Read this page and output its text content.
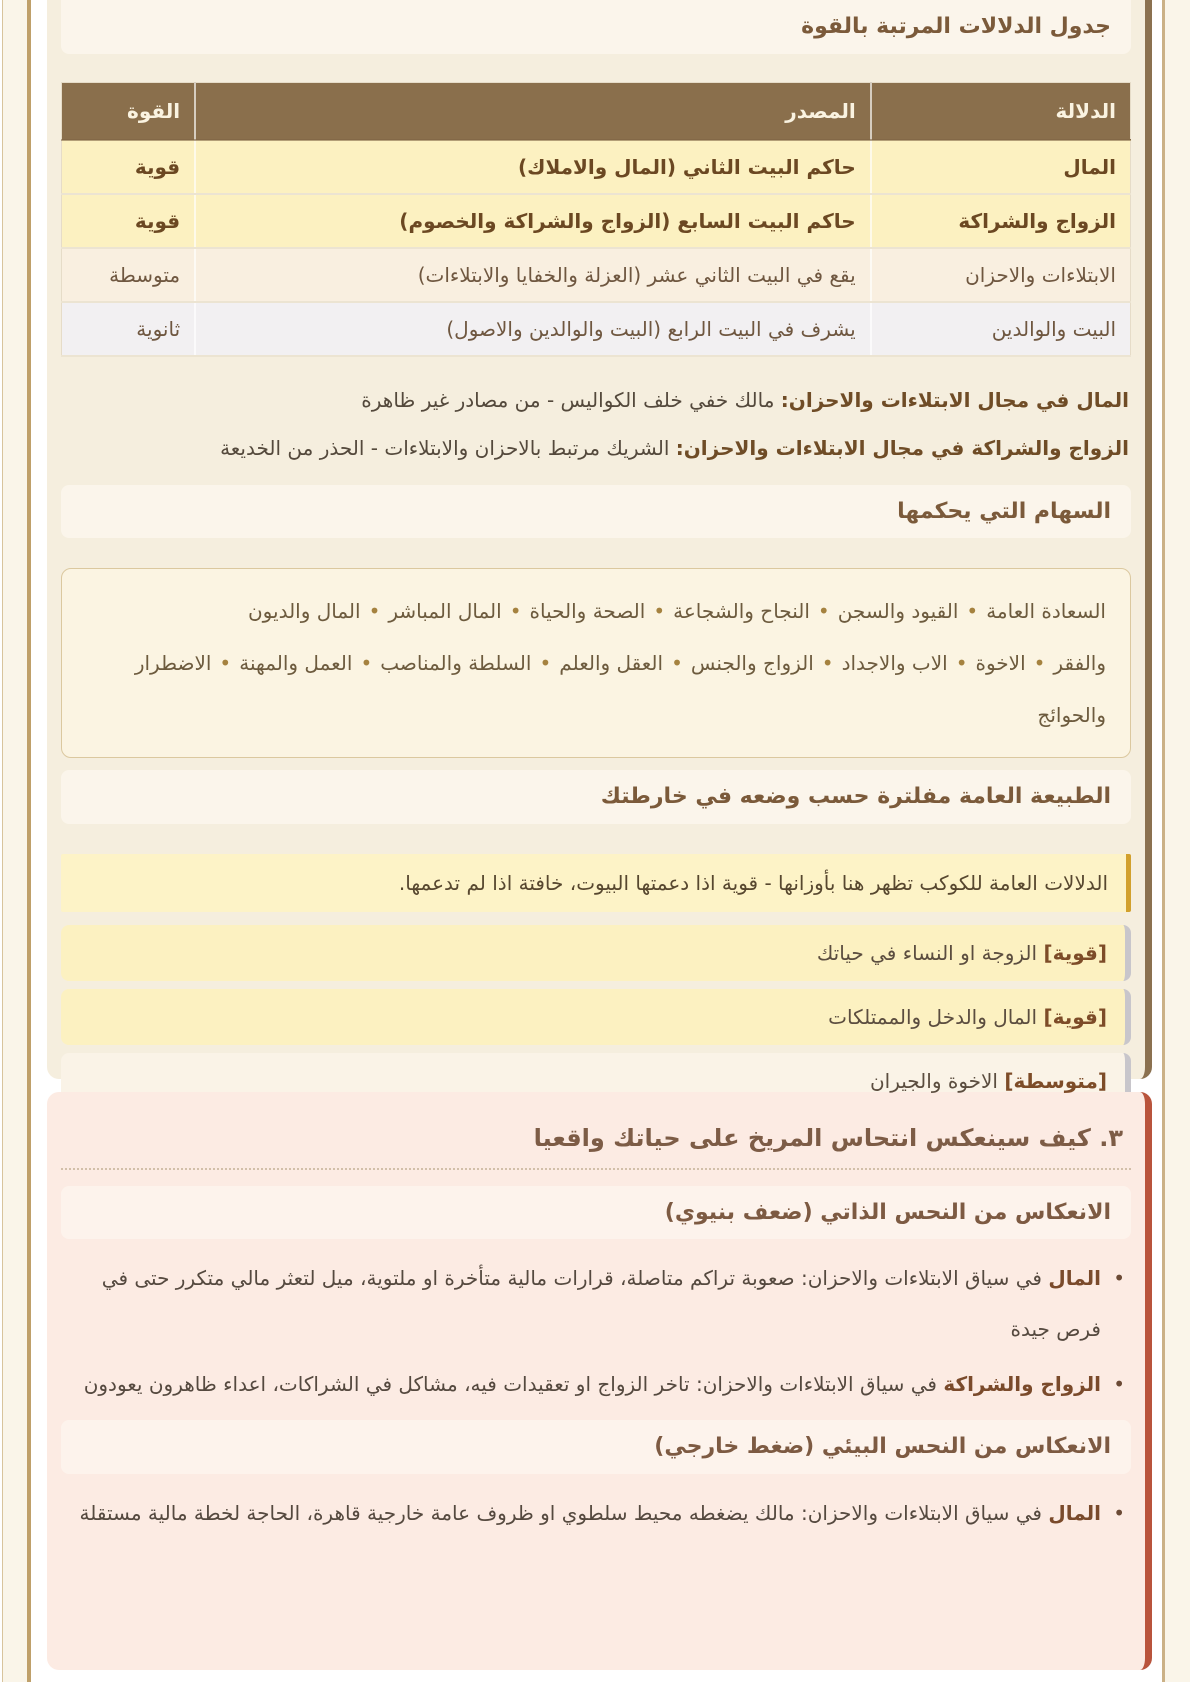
جدول الدلالات المرتبة بالقوة
الدلالة	المصدر	القوة
المال	حاكم البيت الثاني (المال والاملاك)	قوية
الزواج والشراكة	حاكم البيت السابع (الزواج والشراكة والخصوم)	قوية
الابتلاءات والاحزان	يقع في البيت الثاني عشر (العزلة والخفايا والابتلاءات)	متوسطة
البيت والوالدين	يشرف في البيت الرابع (البيت والوالدين والاصول)	ثانوية

المال في مجال الابتلاءات والاحزان: مالك خفي خلف الكواليس - من مصادر غير ظاهرة

الزواج والشراكة في مجال الابتلاءات والاحزان: الشريك مرتبط بالاحزان والابتلاءات - الحذر من الخديعة

السهام التي يحكمها
السعادة العامة•القيود والسجن•النجاح والشجاعة•الصحة والحياة•المال المباشر•المال والديون والفقر•الاخوة•الاب والاجداد•الزواج والجنس•العقل والعلم•السلطة والمناصب•العمل والمهنة•الاضطرار والحوائج
الطبيعة العامة مفلترة حسب وضعه في خارطتك
الدلالات العامة للكوكب تظهر هنا بأوزانها - قوية اذا دعمتها البيوت، خافتة اذا لم تدعمها.
[قوية] الزوجة او النساء في حياتك
[قوية] المال والدخل والممتلكات
[متوسطة] الاخوة والجيران
٣. كيف سينعكس انتحاس المريخ على حياتك واقعيا
الانعكاس من النحس الذاتي (ضعف بنيوي)
• المال في سياق الابتلاءات والاحزان: صعوبة تراكم متاصلة، قرارات مالية متأخرة او ملتوية، ميل لتعثر مالي متكرر حتى في فرص جيدة
• الزواج والشراكة في سياق الابتلاءات والاحزان: تاخر الزواج او تعقيدات فيه، مشاكل في الشراكات، اعداء ظاهرون يعودون
الانعكاس من النحس البيئي (ضغط خارجي)
• المال في سياق الابتلاءات والاحزان: مالك يضغطه محيط سلطوي او ظروف عامة خارجية قاهرة، الحاجة لخطة مالية مستقلة
